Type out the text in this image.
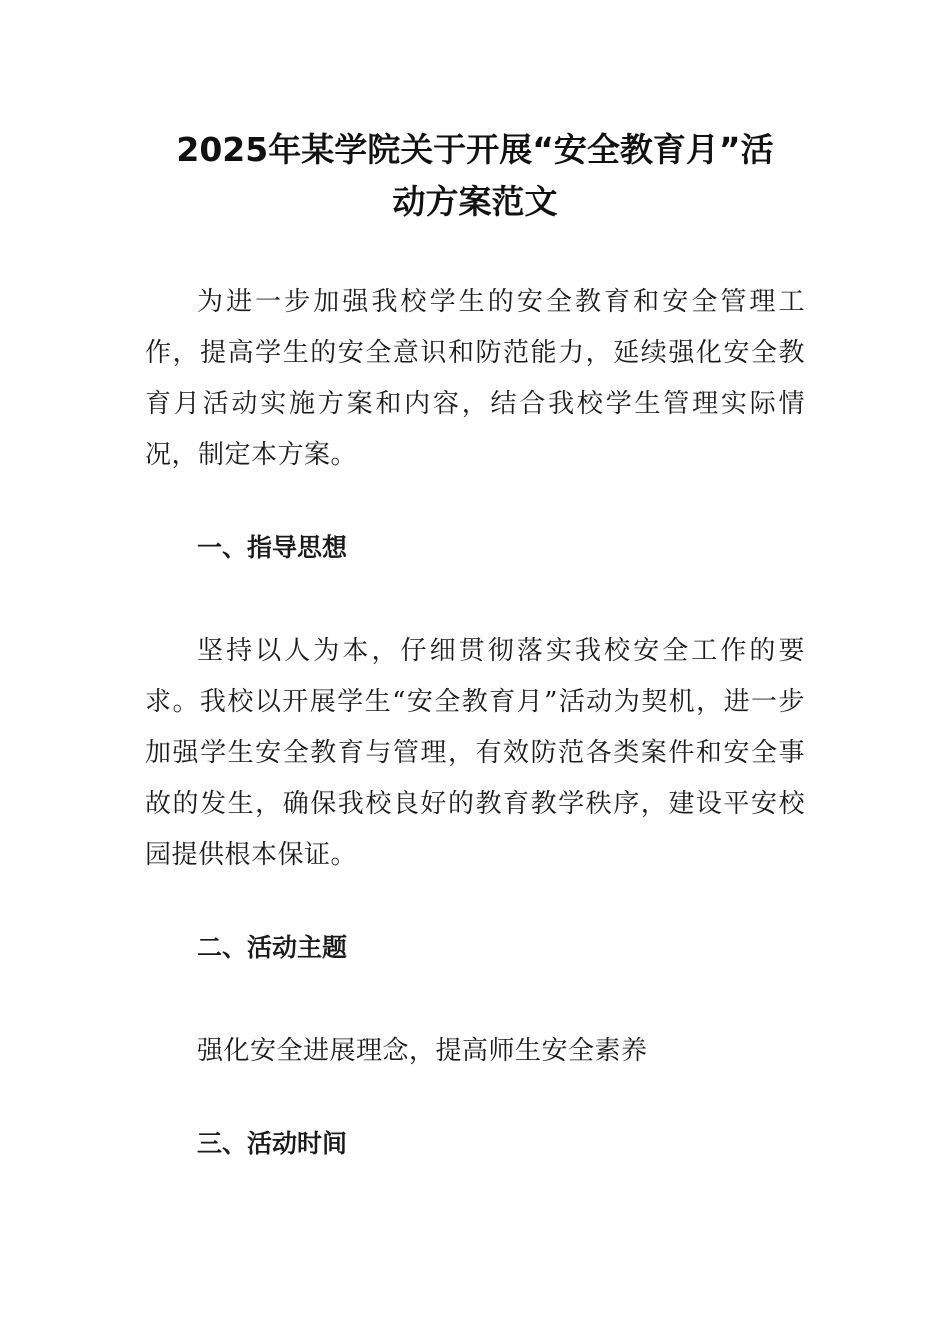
2025年某学院关于开展“安全教育月”活
动方案范文

为进一步加强我校学生的安全教育和安全管理工作，提高学生的安全意识和防范能力，延续强化安全教育月活动实施方案和内容，结合我校学生管理实际情况，制定本方案。

一、指导思想

坚持以人为本，仔细贯彻落实我校安全工作的要求。我校以开展学生“安全教育月”活动为契机，进一步加强学生安全教育与管理，有效防范各类案件和安全事故的发生，确保我校良好的教育教学秩序，建设平安校园提供根本保证。

二、活动主题

强化安全进展理念，提高师生安全素养

三、活动时间
